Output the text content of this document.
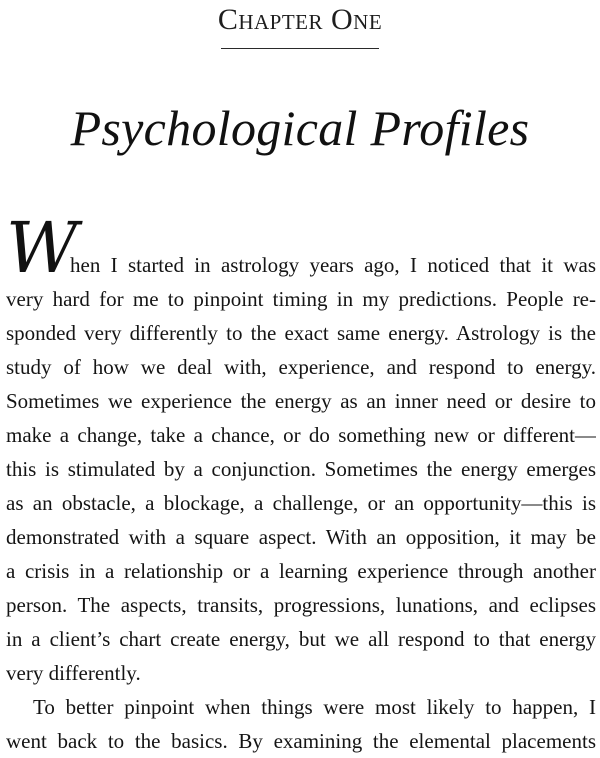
Chapter One
Psychological Profiles
W
hen I started in astrology years ago, I noticed that it was
very hard for me to pinpoint timing in my predictions. People re-
sponded very differently to the exact same energy. Astrology is the
study of how we deal with, experience, and respond to energy.
Sometimes we experience the energy as an inner need or desire to
make a change, take a chance, or do something new or different—
this is stimulated by a conjunction. Sometimes the energy emerges
as an obstacle, a blockage, a challenge, or an opportunity—this is
demonstrated with a square aspect. With an opposition, it may be
a crisis in a relationship or a learning experience through another
person. The aspects, transits, progressions, lunations, and eclipses
in a client’s chart create energy, but we all respond to that energy
very differently.
To better pinpoint when things were most likely to happen, I
went back to the basics. By examining the elemental placements
